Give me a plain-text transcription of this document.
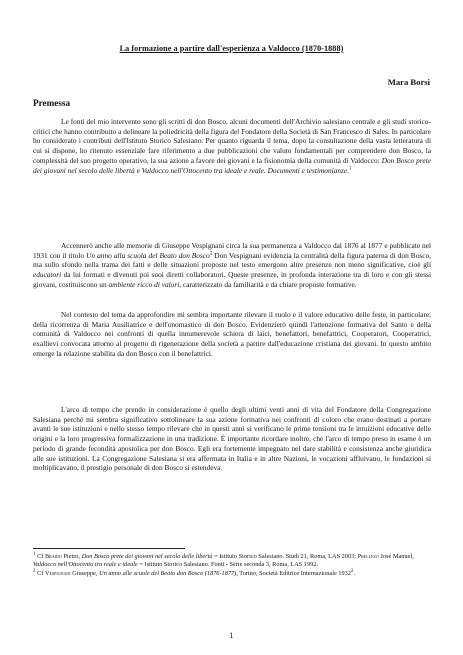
La formazione a partire dall'esperienza a Valdocco (1870-1888)
Mara Borsi
Premessa

Le fonti del mio intervento sono gli scritti di don Bosco, alcuni documenti dell'Archivio salesiano centrale e gli studi storico-critici che hanno contribuito a delineare la poliedricità della figura del Fondatore della Società di San Francesco di Sales. In particolare ho considerato i contributi dell'Istituto Storico Salesiano. Per quanto riguarda il tema, dopo la consultazione della vasta letteratura di cui si dispone, ho ritenuto essenziale fare riferimento a due pubblicazioni che valuto fondamentali per comprendere don Bosco, la complessità del suo progetto operativo, la sua azione a favore dei giovani e la fisionomia della comunità di Valdocco: Don Bosco prete dei giovani nel secolo delle libertà e Valdocco nell'Ottocento tra ideale e reale. Documenti e testimonianze.$^1$

Accennerò anche alle memorie di Giuseppe Vespignani circa la sua permanenza a Valdocco dal 1876 al 1877 e pubblicate nel 1931 con il titolo Un anno alla scuola del Beato don Bosco$^2$ Don Vespignani evidenzia la centralità della figura paterna di don Bosco, ma sullo sfondo nella trama dei fatti e delle situazioni proposte nel testo emergono altre presenze non meno significative, cioè gli educatori da lui formati e divenuti poi suoi diretti collaboratori. Queste presenze, in profonda interazione tra di loro e con gli stessi giovani, costituiscono un ambiente ricco di valori, caratterizzato da familiarità e da chiare proposte formative.

Nel contesto del tema da approfondire mi sembra importante rilevare il ruolo e il valore educativo delle feste, in particolare, della ricorrenza di Maria Ausiliatrice e dell'onomastico di don Bosco. Evidenzierò quindi l'attenzione formativa del Santo e della comunità di Valdocco nei confronti di quella innumerevole schiera di laici, benefattori, benefattrici, Cooperatori, Cooperatrici, exallievi convocata attorno al progetto di rigenerazione della società a partire dall'educazione cristiana dei giovani. In questo ambito emerge la relazione stabilita da don Bosco con il benefattrici.

L'arco di tempo che prendo in considerazione è quello degli ultimi venti anni di vita del Fondatore della Congregazione Salesiana perché mi sembra significativo sottolineare la sua azione formativa nei confronti di coloro che erano destinati a portare avanti le sue istituzioni e nello stesso tempo rilevare che in questi anni si verificano le prime tensioni tra le intuizioni educative delle origini e la loro progressiva formalizzazione in una tradizione. È importante ricordare inoltre, che l'arco di tempo preso in esame è un periodo di grande fecondità apostolica per don Bosco. Egli era fortemente impegnato nel dare stabilità e consistenza anche giuridica alle sue istituzioni. La Congregazione Salesiana si era affermata in Italia e in altre Nazioni, le vocazioni affluivano, le fondazioni si moltiplicavano, il prestigio personale di don Bosco si estendeva.

$^1$ Cf Braido Pietro, Don Bosco prete dei giovani nel secolo delle libertà = Istituto Storico Salesiano. Studi 21, Roma, LAS 2003; Prellezo José Manuel, Valdocco nell'Ottocento tra reale e ideale = Istituto Storico Salesiano. Fonti - Serie seconda 3, Roma, LAS 1992.

$^2$ Cf Vespignani Giuseppe, Un anno alle scuole del Beato don Bosco (1876-1877), Torino, Società Editrice Internazionale 1932$^2$.

1
